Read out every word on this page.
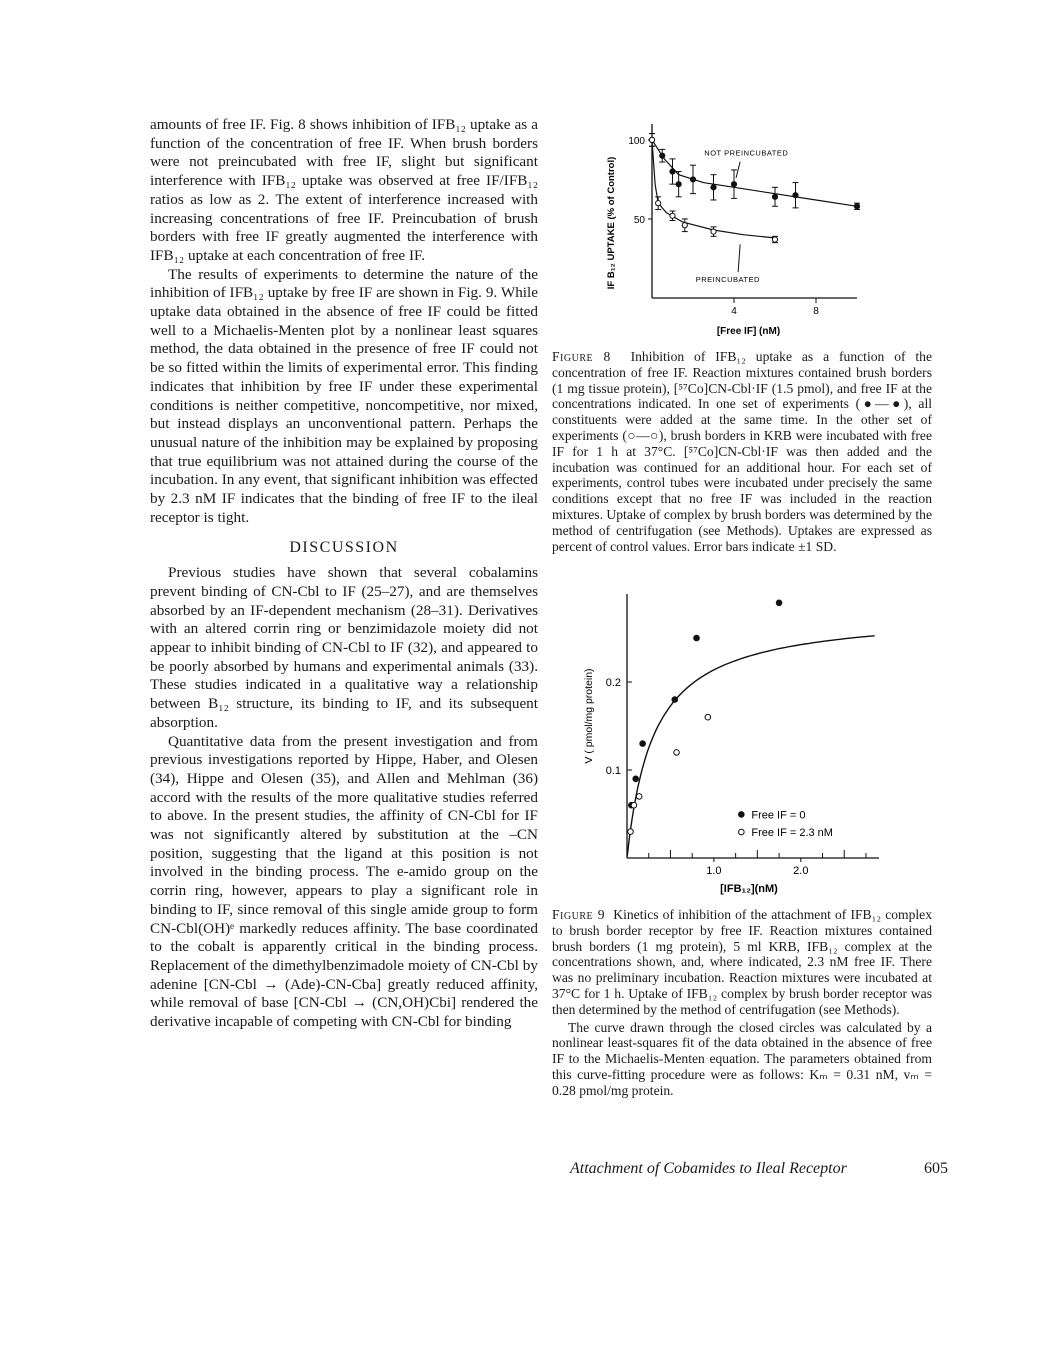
amounts of free IF. Fig. 8 shows inhibition of IFB₁₂ uptake as a function of the concentration of free IF. When brush borders were not preincubated with free IF, slight but significant interference with IFB₁₂ uptake was observed at free IF/IFB₁₂ ratios as low as 2. The extent of interference increased with increasing concentrations of free IF. Preincubation of brush borders with free IF greatly augmented the interference with IFB₁₂ uptake at each concentration of free IF.

The results of experiments to determine the nature of the inhibition of IFB₁₂ uptake by free IF are shown in Fig. 9. While uptake data obtained in the absence of free IF could be fitted well to a Michaelis-Menten plot by a nonlinear least squares method, the data obtained in the presence of free IF could not be so fitted within the limits of experimental error. This finding indicates that inhibition by free IF under these experimental conditions is neither competitive, noncompetitive, nor mixed, but instead displays an unconventional pattern. Perhaps the unusual nature of the inhibition may be explained by proposing that true equilibrium was not attained during the course of the incubation. In any event, that significant inhibition was effected by 2.3 nM IF indicates that the binding of free IF to the ileal receptor is tight.

DISCUSSION

Previous studies have shown that several cobalamins prevent binding of CN-Cbl to IF (25–27), and are themselves absorbed by an IF-dependent mechanism (28–31). Derivatives with an altered corrin ring or benzimidazole moiety did not appear to inhibit binding of CN-Cbl to IF (32), and appeared to be poorly absorbed by humans and experimental animals (33). These studies indicated in a qualitative way a relationship between B₁₂ structure, its binding to IF, and its subsequent absorption.

Quantitative data from the present investigation and from previous investigations reported by Hippe, Haber, and Olesen (34), Hippe and Olesen (35), and Allen and Mehlman (36) accord with the results of the more qualitative studies referred to above. In the present studies, the affinity of CN-Cbl for IF was not significantly altered by substitution at the –CN position, suggesting that the ligand at this position is not involved in the binding process. The e-amido group on the corrin ring, however, appears to play a significant role in binding to IF, since removal of this single amide group to form CN-Cbl(OH)ᵉ markedly reduces affinity. The base coordinated to the cobalt is apparently critical in the binding process. Replacement of the dimethylbenzimadole moiety of CN-Cbl by adenine [CN-Cbl → (Ade)-CN-Cba] greatly reduced affinity, while removal of base [CN-Cbl → (CN,OH)Cbi] rendered the derivative incapable of competing with CN-Cbl for binding

100
50
4	8
[Free IF] (nM)
IF B₁₂ UPTAKE (% of Control)
NOT PREINCUBATED
PREINCUBATED

Figure 8 Inhibition of IFB₁₂ uptake as a function of the concentration of free IF. Reaction mixtures contained brush borders (1 mg tissue protein), [⁵⁷Co]CN-Cbl·IF (1.5 pmol), and free IF at the concentrations indicated. In one set of experiments (●—●), all constituents were added at the same time. In the other set of experiments (○—○), brush borders in KRB were incubated with free IF for 1 h at 37°C. [⁵⁷Co]CN-Cbl·IF was then added and the incubation was continued for an additional hour. For each set of experiments, control tubes were incubated under precisely the same conditions except that no free IF was included in the reaction mixtures. Uptake of complex by brush borders was determined by the method of centrifugation (see Methods). Uptakes are expressed as percent of control values. Error bars indicate ±1 SD.

0.2
0.1
1.0	2.0
[IFB₁₂](nM)
V ( pmol/mg protein)
Free IF = 0
Free IF = 2.3 nM

Figure 9 Kinetics of inhibition of the attachment of IFB₁₂ complex to brush border receptor by free IF. Reaction mixtures contained brush borders (1 mg protein), 5 ml KRB, IFB₁₂ complex at the concentrations shown, and, where indicated, 2.3 nM free IF. There was no preliminary incubation. Reaction mixtures were incubated at 37°C for 1 h. Uptake of IFB₁₂ complex by brush border receptor was then determined by the method of centrifugation (see Methods).

The curve drawn through the closed circles was calculated by a nonlinear least-squares fit of the data obtained in the absence of free IF to the Michaelis-Menten equation. The parameters obtained from this curve-fitting procedure were as follows: Kₘ = 0.31 nM, vₘ = 0.28 pmol/mg protein.

Attachment of Cobamides to Ileal Receptor	605
